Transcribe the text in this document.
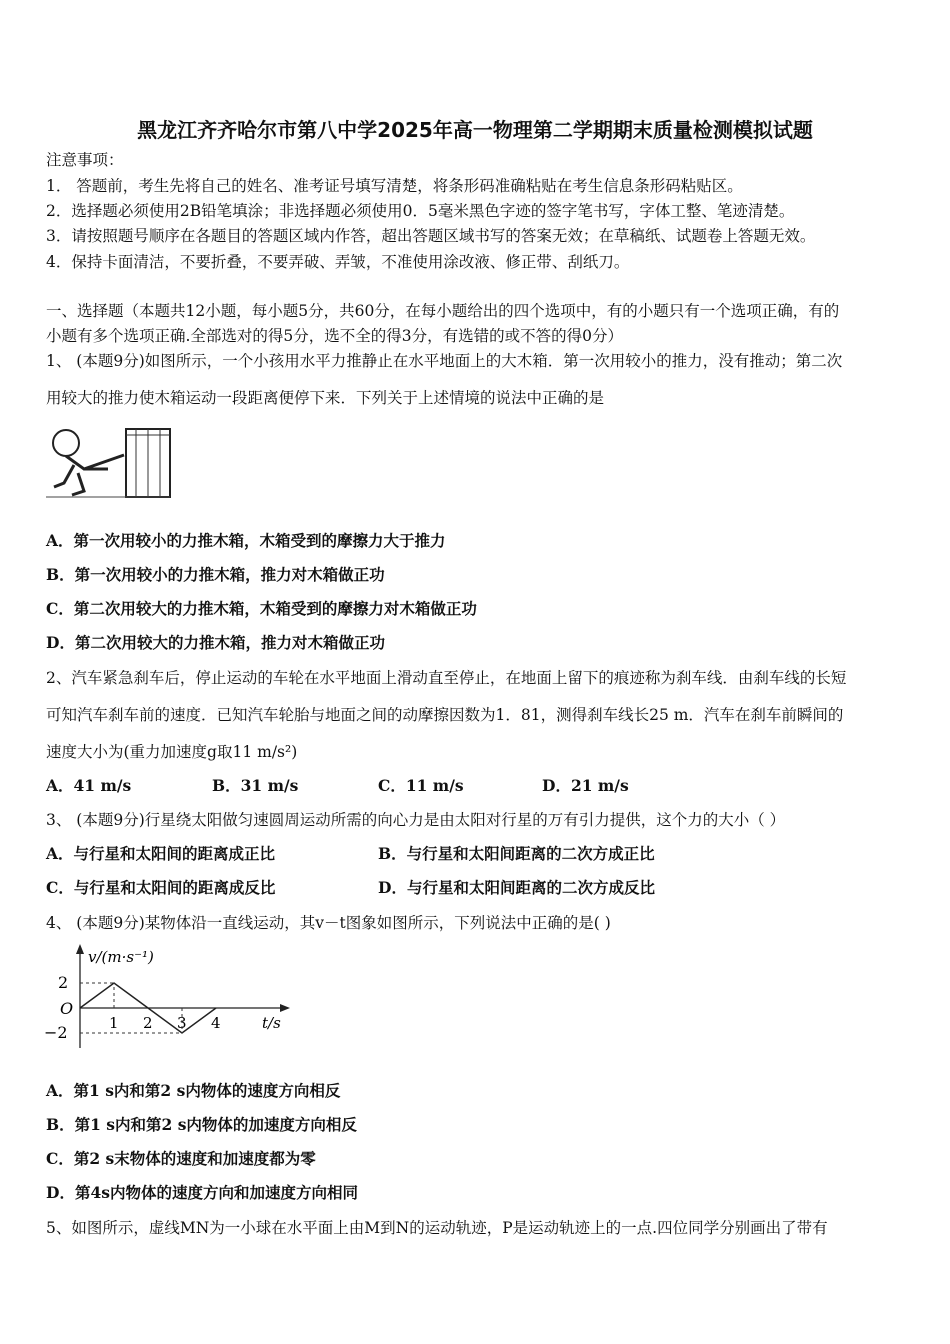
黑龙江齐齐哈尔市第八中学2025年高一物理第二学期期末质量检测模拟试题
注意事项：
1． 答题前，考生先将自己的姓名、准考证号填写清楚，将条形码准确粘贴在考生信息条形码粘贴区。
2．选择题必须使用2B铅笔填涂；非选择题必须使用0．5毫米黑色字迹的签字笔书写，字体工整、笔迹清楚。
3．请按照题号顺序在各题目的答题区域内作答，超出答题区域书写的答案无效；在草稿纸、试题卷上答题无效。
4．保持卡面清洁，不要折叠，不要弄破、弄皱，不准使用涂改液、修正带、刮纸刀。
一、选择题（本题共12小题，每小题5分，共60分，在每小题给出的四个选项中，有的小题只有一个选项正确，有的
小题有多个选项正确.全部选对的得5分，选不全的得3分，有选错的或不答的得0分）
1、 (本题9分)如图所示，一个小孩用水平力推静止在水平地面上的大木箱．第一次用较小的推力，没有推动；第二次
用较大的推力使木箱运动一段距离便停下来．下列关于上述情境的说法中正确的是
A．第一次用较小的力推木箱，木箱受到的摩擦力大于推力
B．第一次用较小的力推木箱，推力对木箱做正功
C．第二次用较大的力推木箱，木箱受到的摩擦力对木箱做正功
D．第二次用较大的力推木箱，推力对木箱做正功
2、汽车紧急刹车后，停止运动的车轮在水平地面上滑动直至停止，在地面上留下的痕迹称为刹车线．由刹车线的长短
可知汽车刹车前的速度．已知汽车轮胎与地面之间的动摩擦因数为1．81，测得刹车线长25 m．汽车在刹车前瞬间的
速度大小为(重力加速度g取11 m/s²)
A．41 m/s	B．31 m/s	C．11 m/s	D．21 m/s
3、 (本题9分)行星绕太阳做匀速圆周运动所需的向心力是由太阳对行星的万有引力提供，这个力的大小（ ）
A．与行星和太阳间的距离成正比	B．与行星和太阳间距离的二次方成正比
C．与行星和太阳间的距离成反比	D．与行星和太阳间距离的二次方成反比
4、 (本题9分)某物体沿一直线运动，其v－t图象如图所示，下列说法中正确的是( )
v/(m·s⁻¹)
t/s
O
1 2 3 4
2
−2
A．第1 s内和第2 s内物体的速度方向相反
B．第1 s内和第2 s内物体的加速度方向相反
C．第2 s末物体的速度和加速度都为零
D．第4s内物体的速度方向和加速度方向相同
5、如图所示，虚线MN为一小球在水平面上由M到N的运动轨迹，P是运动轨迹上的一点.四位同学分别画出了带有
